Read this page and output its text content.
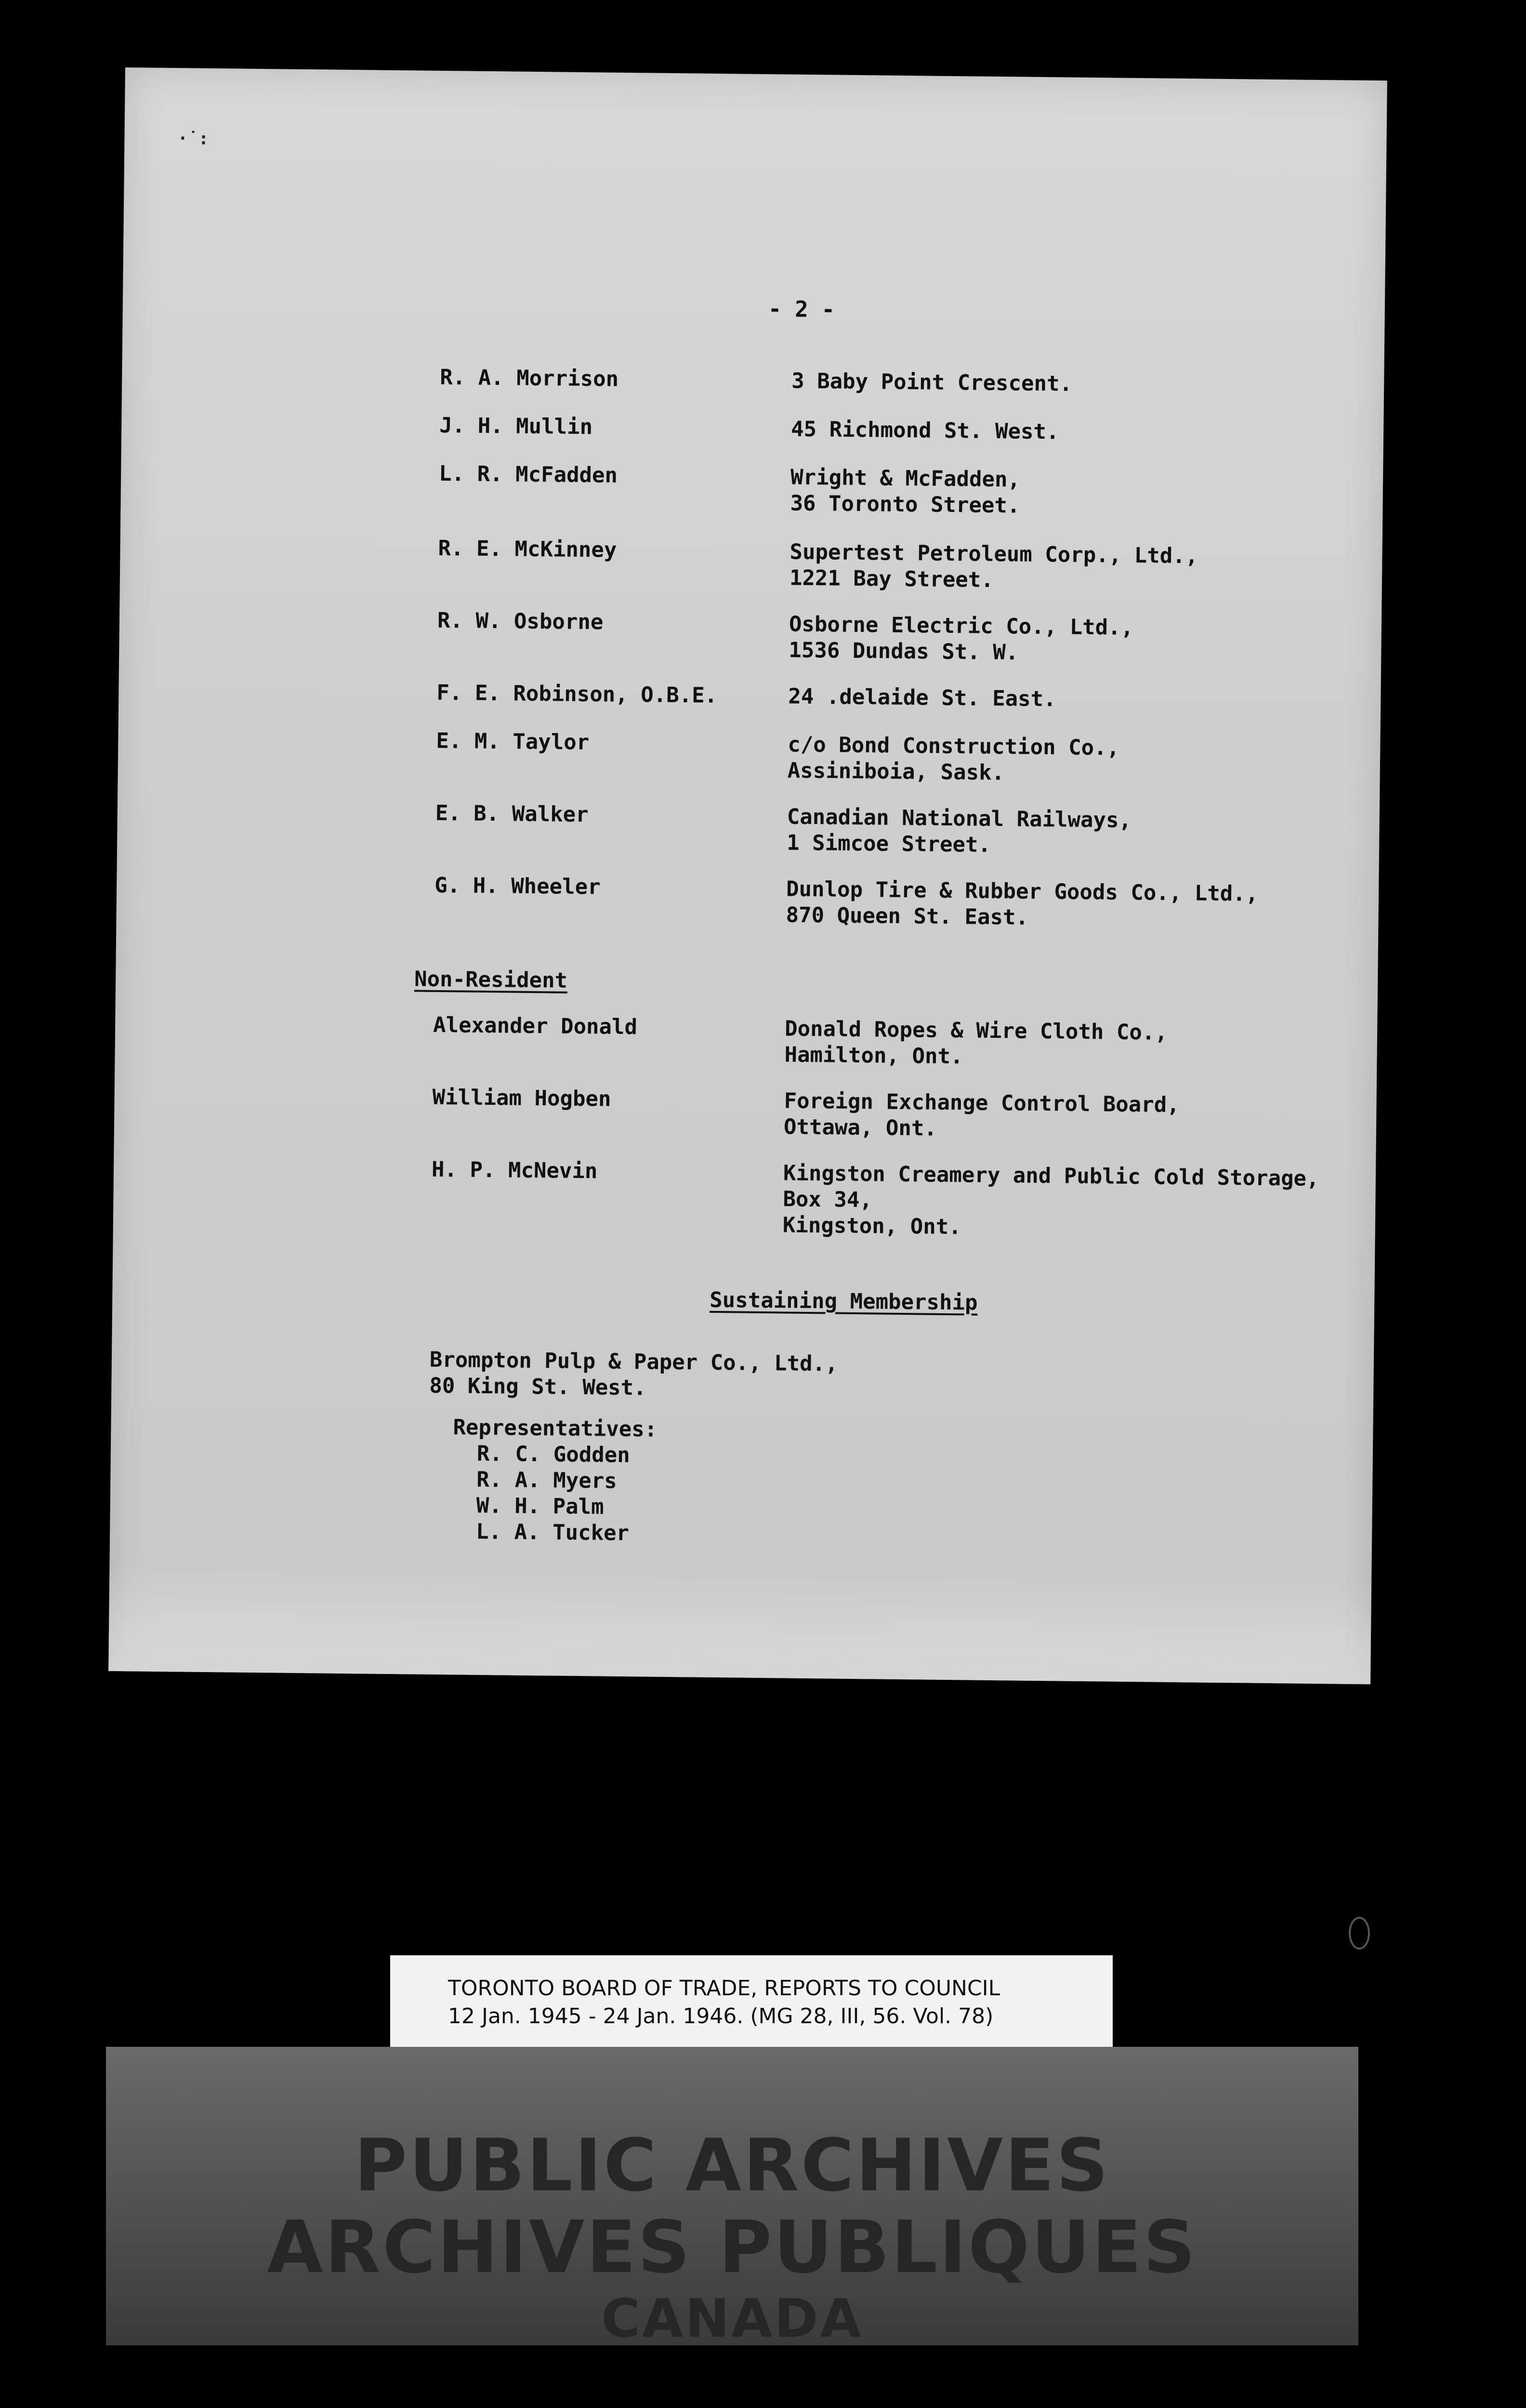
·˙:
- 2 -
R. A. Morrison	3 Baby Point Crescent.
J. H. Mullin	45 Richmond St. West.
L. R. McFadden	Wright & McFadden,
36 Toronto Street.
R. E. McKinney	Supertest Petroleum Corp., Ltd.,
1221 Bay Street.
R. W. Osborne	Osborne Electric Co., Ltd.,
1536 Dundas St. W.
F. E. Robinson, O.B.E.	24 .delaide St. East.
E. M. Taylor	c/o Bond Construction Co.,
Assiniboia, Sask.
E. B. Walker	Canadian National Railways,
1 Simcoe Street.
G. H. Wheeler	Dunlop Tire & Rubber Goods Co., Ltd.,
870 Queen St. East.
Non-Resident
Alexander Donald	Donald Ropes & Wire Cloth Co.,
Hamilton, Ont.
William Hogben	Foreign Exchange Control Board,
Ottawa, Ont.
H. P. McNevin	Kingston Creamery and Public Cold Storage,
Box 34,
Kingston, Ont.
Sustaining Membership
Brompton Pulp & Paper Co., Ltd.,
80 King St. West.
Representatives:
R. C. Godden
R. A. Myers
W. H. Palm
L. A. Tucker
TORONTO BOARD OF TRADE, REPORTS TO COUNCIL
12 Jan. 1945 - 24 Jan. 1946. (MG 28, III, 56. Vol. 78)
PUBLIC ARCHIVES
ARCHIVES PUBLIQUES
CANADA
